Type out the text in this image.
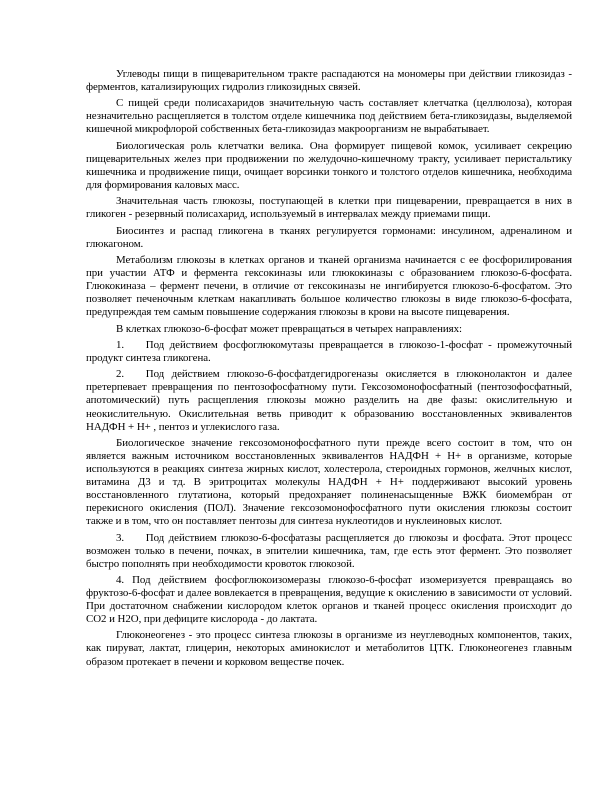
Углеводы пищи в пищеварительном тракте распадаются на мономеры при действии гликозидаз - ферментов, катализирующих гидролиз гликозидных связей.

С пищей среди полисахаридов значительную часть составляет клетчатка (целлюлоза), которая незначительно расщепляется в толстом отделе кишечника под действием бета-гликозидазы, выделяемой кишечной микрофлорой собственных бета-гликозидаз макроорганизм не вырабатывает.

Биологическая роль клетчатки велика. Она формирует пищевой комок, усиливает секрецию пищеварительных желез при продвижении по желудочно-кишечному тракту, усиливает перистальтику кишечника и продвижение пищи, очищает ворсинки тонкого и толстого отделов кишечника, необходима для формирования каловых масс.

Значительная часть глюкозы, поступающей в клетки при пищеварении, превращается в них в гликоген - резервный полисахарид, используемый в интервалах между приемами пищи.

Биосинтез и распад гликогена в тканях регулируется гормонами: инсулином, адреналином и глюкагоном.

Метаболизм глюкозы в клетках органов и тканей организма начинается с ее фосфорилирования при участии АТФ и фермента гексокиназы или глюкокиназы с образованием глюкозо-6-фосфата. Глюкокиназа – фермент печени, в отличие от гексокиназы не ингибируется глюкозо-6-фосфатом. Это позволяет печеночным клеткам накапливать большое количество глюкозы в виде глюкозо-6-фосфата, предупреждая тем самым повышение содержания глюкозы в крови на высоте пищеварения.

В клетках глюкозо-6-фосфат может превращаться в четырех направлениях:

1.  Под действием фосфоглюкомутазы превращается в глюкозо-1-фосфат - промежуточный продукт синтеза гликогена.

2.  Под действием глюкозо-6-фосфатдегидрогеназы окисляется в глюконолактон и далее претерпевает превращения по пентозофосфатному пути. Гексозомонофосфатный (пентозофосфатный, апотомический) путь расщепления глюкозы можно разделить на две фазы: окислительную и неокислительную. Окислительная ветвь приводит к образованию восстановленных эквивалентов НАДФН + Н+ , пентоз и углекислого газа.

Биологическое значение гексозомонофосфатного пути прежде всего состоит в том, что он является важным источником восстановленных эквивалентов НАДФН + Н+ в организме, которые используются в реакциях синтеза жирных кислот, холестерола, стероидных гормонов, желчных кислот, витамина Д3 и тд. В эритроцитах молекулы НАДФН + Н+ поддерживают высокий уровень восстановленного глутатиона, который предохраняет полиненасыщенные ВЖК биомембран от перекисного окисления (ПОЛ). Значение гексозомонофосфатного пути окисления глюкозы состоит также и в том, что он поставляет пентозы для синтеза нуклеотидов и нуклеиновых кислот.

3.  Под действием глюкозо-6-фосфатазы расщепляется до глюкозы и фосфата. Этот процесс возможен только в печени, почках, в эпителии кишечника, там, где есть этот фермент. Это позволяет быстро пополнять при необходимости кровоток глюкозой.

4. Под действием фосфоглюкоизомеразы глюкозо-6-фосфат изомеризуется превращаясь во фруктозо-6-фосфат и далее вовлекается в превращения, ведущие к окислению в зависимости от условий. При достаточном снабжении кислородом клеток органов и тканей процесс окисления происходит до СО2 и Н2О, при дефиците кислорода - до лактата.

Глюконеогенез - это процесс синтеза глюкозы в организме из неуглеводных компонентов, таких, как пируват, лактат, глицерин, некоторых аминокислот и метаболитов ЦТК. Глюконеогенез главным образом протекает в печени и корковом веществе почек.
